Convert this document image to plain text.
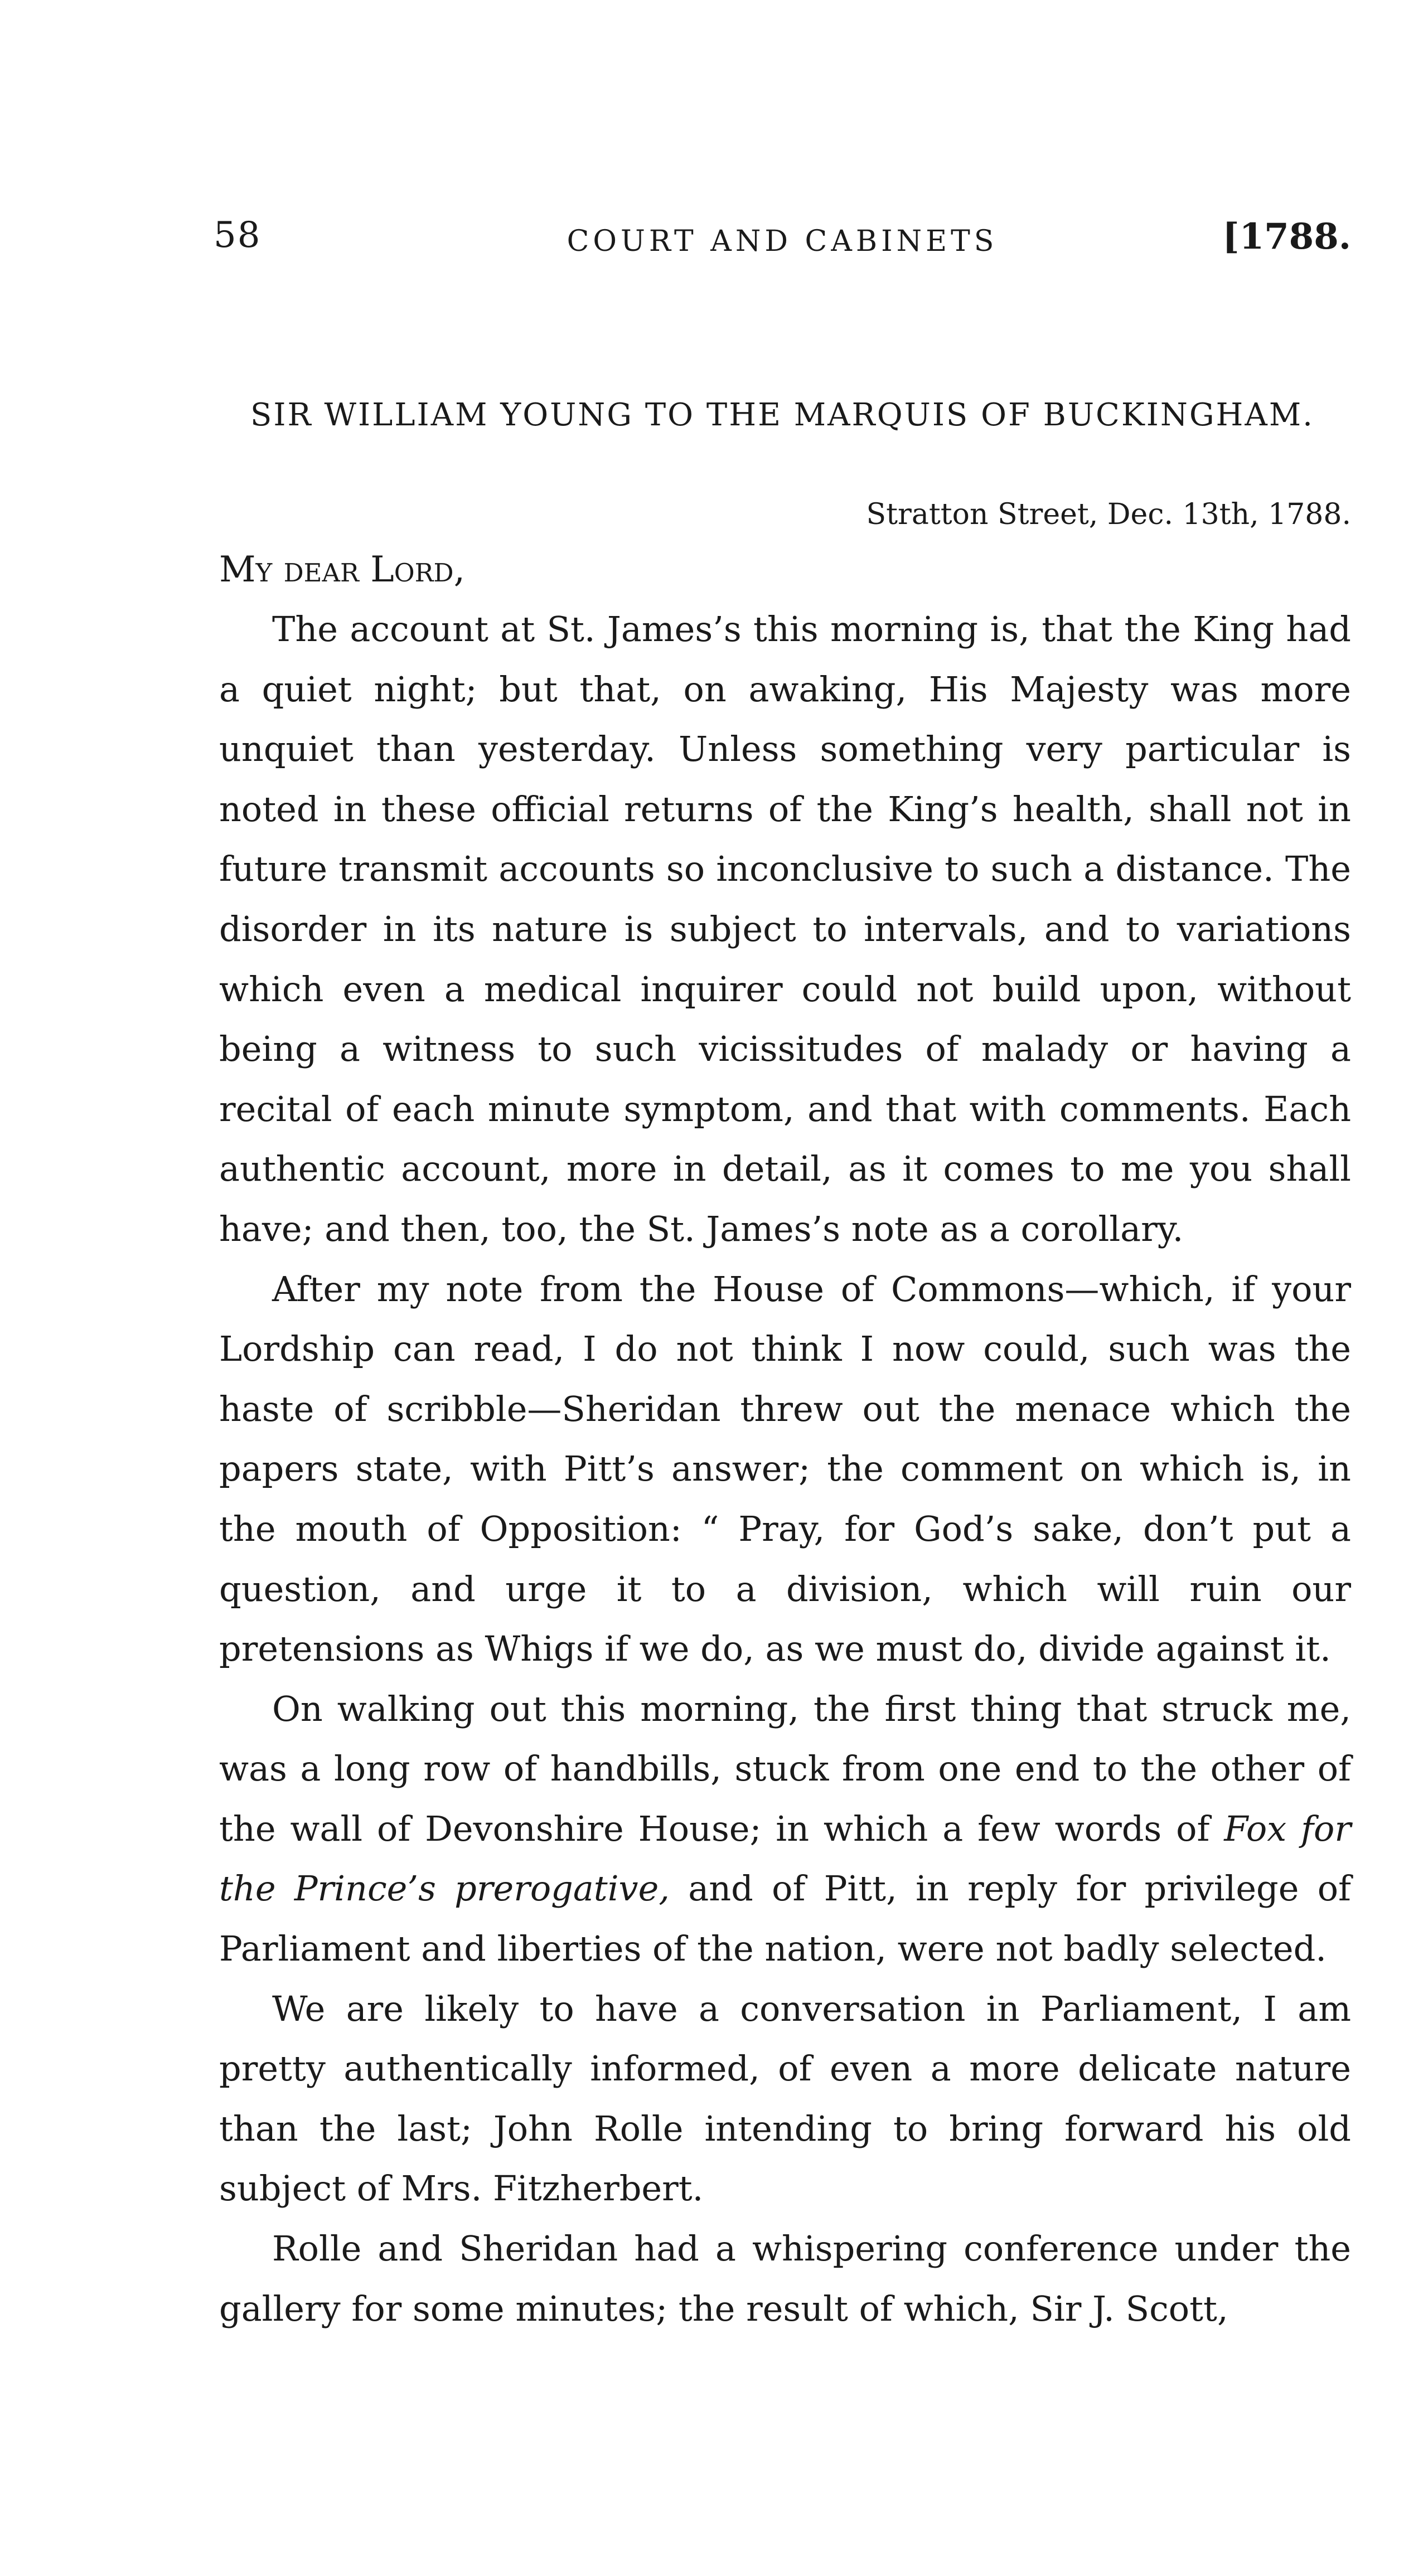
58	COURT AND CABINETS	[1788.
SIR WILLIAM YOUNG TO THE MARQUIS OF BUCKINGHAM.
Stratton Street, Dec. 13th, 1788.
My dear Lord,

The account at St. James’s this morning is, that the King had a quiet night; but that, on awaking, His Majesty was more unquiet than yesterday. Unless something very particular is noted in these official returns of the King’s health, shall not in future transmit accounts so inconclusive to such a distance. The disorder in its nature is subject to intervals, and to variations which even a medical inquirer could not build upon, without being a witness to such vicissitudes of malady or having a recital of each minute symptom, and that with comments. Each authentic account, more in detail, as it comes to me you shall have; and then, too, the St. James’s note as a corollary.

After my note from the House of Commons—which, if your Lordship can read, I do not think I now could, such was the haste of scribble—Sheridan threw out the menace which the papers state, with Pitt’s answer; the comment on which is, in the mouth of Opposition: “ Pray, for God’s sake, don’t put a question, and urge it to a division, which will ruin our pretensions as Whigs if we do, as we must do, divide against it.

On walking out this morning, the first thing that struck me, was a long row of handbills, stuck from one end to the other of the wall of Devonshire House; in which a few words of Fox for the Prince’s prerogative, and of Pitt, in reply for privilege of Parliament and liberties of the nation, were not badly selected.

We are likely to have a conversation in Parliament, I am pretty authentically informed, of even a more delicate nature than the last; John Rolle intending to bring forward his old subject of Mrs. Fitzherbert.

Rolle and Sheridan had a whispering conference under the gallery for some minutes; the result of which, Sir J. Scott,
